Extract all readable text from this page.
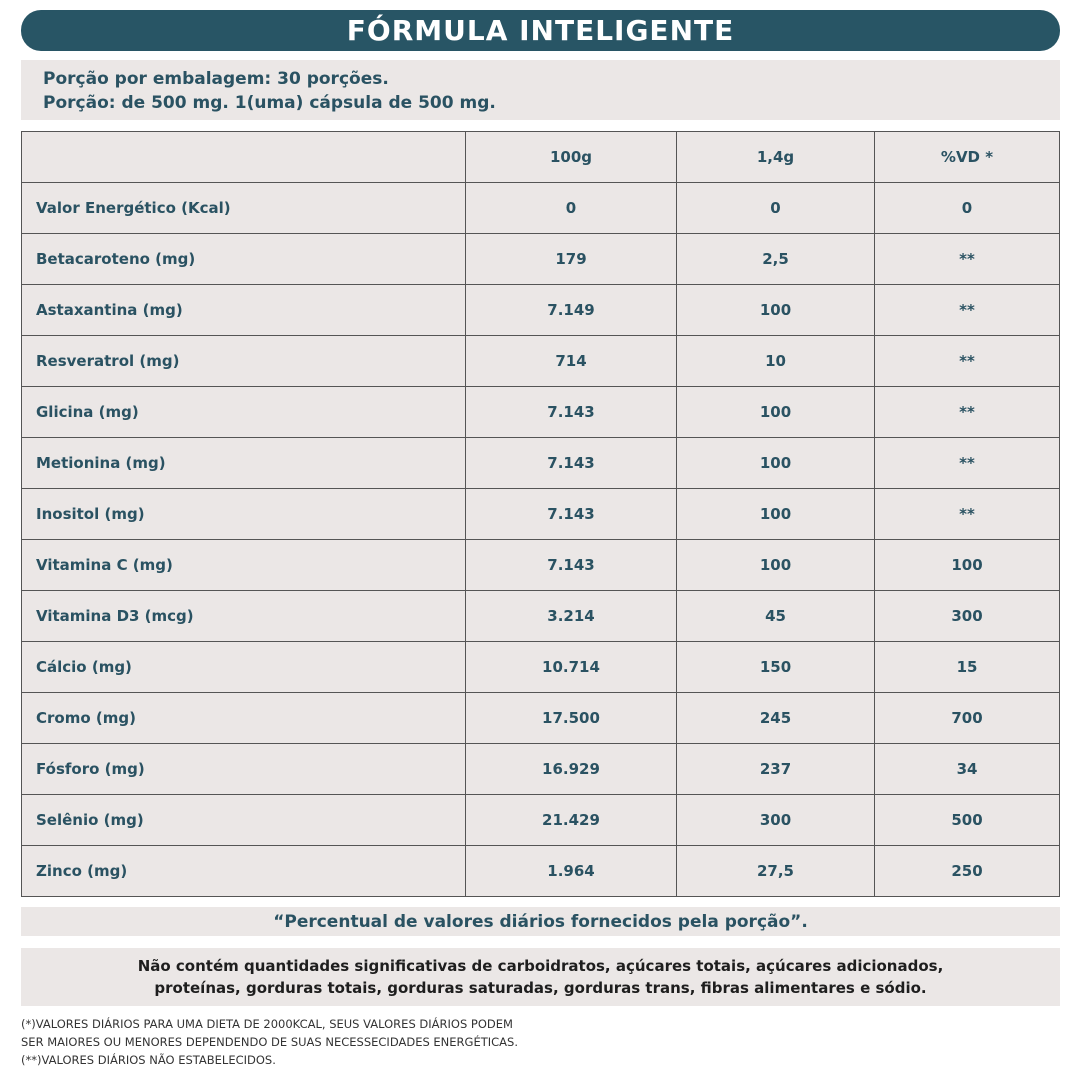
FÓRMULA INTELIGENTE
Porção por embalagem: 30 porções.
Porção: de 500 mg. 1(uma) cápsula de 500 mg.
	100g	1,4g	%VD *
Valor Energético (Kcal)	0	0	0
Betacaroteno (mg)	179	2,5	**
Astaxantina (mg)	7.149	100	**
Resveratrol (mg)	714	10	**
Glicina (mg)	7.143	100	**
Metionina (mg)	7.143	100	**
Inositol (mg)	7.143	100	**
Vitamina C (mg)	7.143	100	100
Vitamina D3 (mcg)	3.214	45	300
Cálcio (mg)	10.714	150	15
Cromo (mg)	17.500	245	700
Fósforo (mg)	16.929	237	34
Selênio (mg)	21.429	300	500
Zinco (mg)	1.964	27,5	250
“Percentual de valores diários fornecidos pela porção”.
Não contém quantidades significativas de carboidratos, açúcares totais, açúcares adicionados,
proteínas, gorduras totais, gorduras saturadas, gorduras trans, fibras alimentares e sódio.
(*)VALORES DIÁRIOS PARA UMA DIETA DE 2000KCAL, SEUS VALORES DIÁRIOS PODEM
SER MAIORES OU MENORES DEPENDENDO DE SUAS NECESSECIDADES ENERGÉTICAS.
(**)VALORES DIÁRIOS NÃO ESTABELECIDOS.
